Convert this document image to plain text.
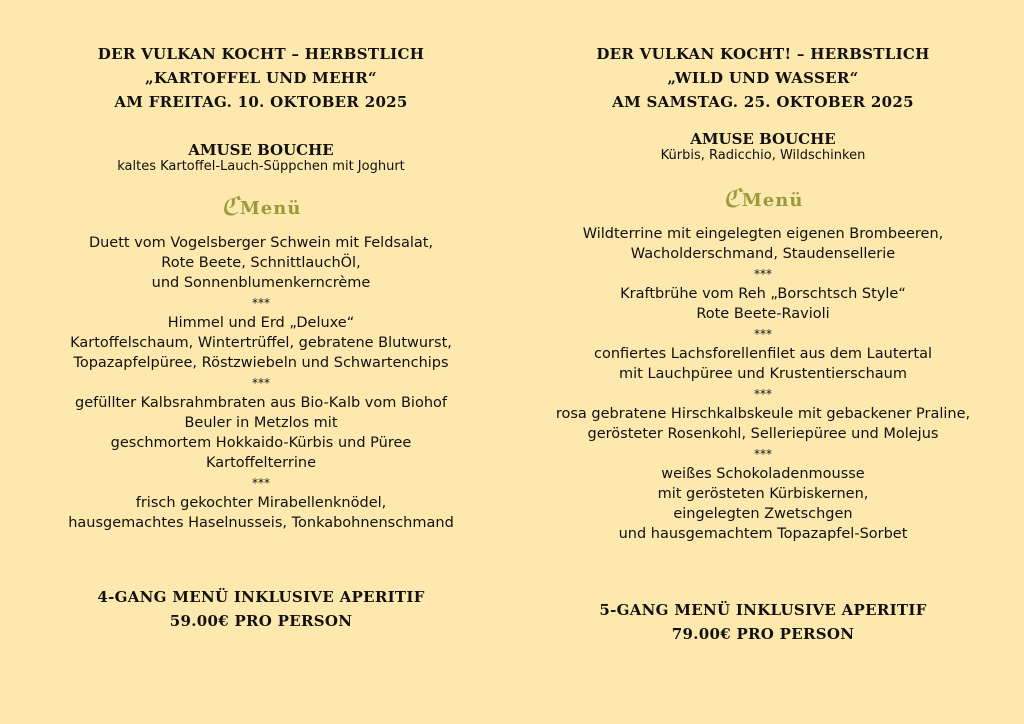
DER VULKAN KOCHT – HERBSTLICH

„KARTOFFEL UND MEHR“

AM FREITAG. 10. OKTOBER 2025

AMUSE BOUCHE

kaltes Kartoffel-Lauch-Süppchen mit Joghurt

ℭ Menü

Duett vom Vogelsberger Schwein mit Feldsalat,
Rote Beete, SchnittlauchÖl,
und Sonnenblumenkerncrème

***

Himmel und Erd „Deluxe“
Kartoffelschaum, Wintertrüffel, gebratene Blutwurst,
Topazapfelpüree, Röstzwiebeln und Schwartenchips

***

gefüllter Kalbsrahmbraten aus Bio-Kalb vom Biohof
Beuler in Metzlos mit
geschmortem Hokkaido-Kürbis und Püree
Kartoffelterrine

***

frisch gekochter Mirabellenknödel,
hausgemachtes Haselnusseis, Tonkabohnenschmand

4-GANG MENÜ INKLUSIVE APERITIF

59.00€ PRO PERSON

DER VULKAN KOCHT! – HERBSTLICH

„WILD UND WASSER“

AM SAMSTAG. 25. OKTOBER 2025

AMUSE BOUCHE

Kürbis, Radicchio, Wildschinken

ℭ Menü

Wildterrine mit eingelegten eigenen Brombeeren,
Wacholderschmand, Staudensellerie

***

Kraftbrühe vom Reh „Borschtsch Style“
Rote Beete-Ravioli

***

confiertes Lachsforellenfilet aus dem Lautertal
mit Lauchpüree und Krustentierschaum

***

rosa gebratene Hirschkalbskeule mit gebackener Praline,
gerösteter Rosenkohl, Selleriepüree und Molejus

***

weißes Schokoladenmousse
mit gerösteten Kürbiskernen,
eingelegten Zwetschgen
und hausgemachtem Topazapfel-Sorbet

5-GANG MENÜ INKLUSIVE APERITIF

79.00€ PRO PERSON
